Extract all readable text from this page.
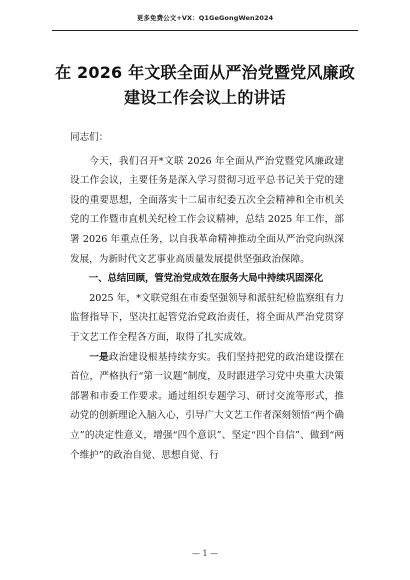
更多免费公文+VX：Q1GeGongWen2024
在 2026 年文联全面从严治党暨党风廉政
建设工作会议上的讲话

同志们：

今天，我们召开*文联 2026 年全面从严治党暨党风廉政建设工作会议，主要任务是深入学习贯彻习近平总书记关于党的建设的重要思想，全面落实十二届市纪委五次全会精神和全市机关党的工作暨市直机关纪检工作会议精神，总结 2025 年工作，部署 2026 年重点任务，以自我革命精神推动全面从严治党向纵深发展，为新时代文艺事业高质量发展提供坚强政治保障。

一、总结回顾，管党治党成效在服务大局中持续巩固深化

2025 年，*文联党组在市委坚强领导和派驻纪检监察组有力监督指导下，坚决扛起管党治党政治责任，将全面从严治党贯穿于文艺工作全程各方面，取得了扎实成效。

一是政治建设根基持续夯实。我们坚持把党的政治建设摆在首位，严格执行“第一议题”制度，及时跟进学习党中央重大决策部署和市委工作要求。通过组织专题学习、研讨交流等形式，推动党的创新理论入脑入心，引导广大文艺工作者深刻领悟“两个确立”的决定性意义，增强“四个意识”、坚定“四个自信”、做到“两个维护”的政治自觉、思想自觉、行

— 1 —
